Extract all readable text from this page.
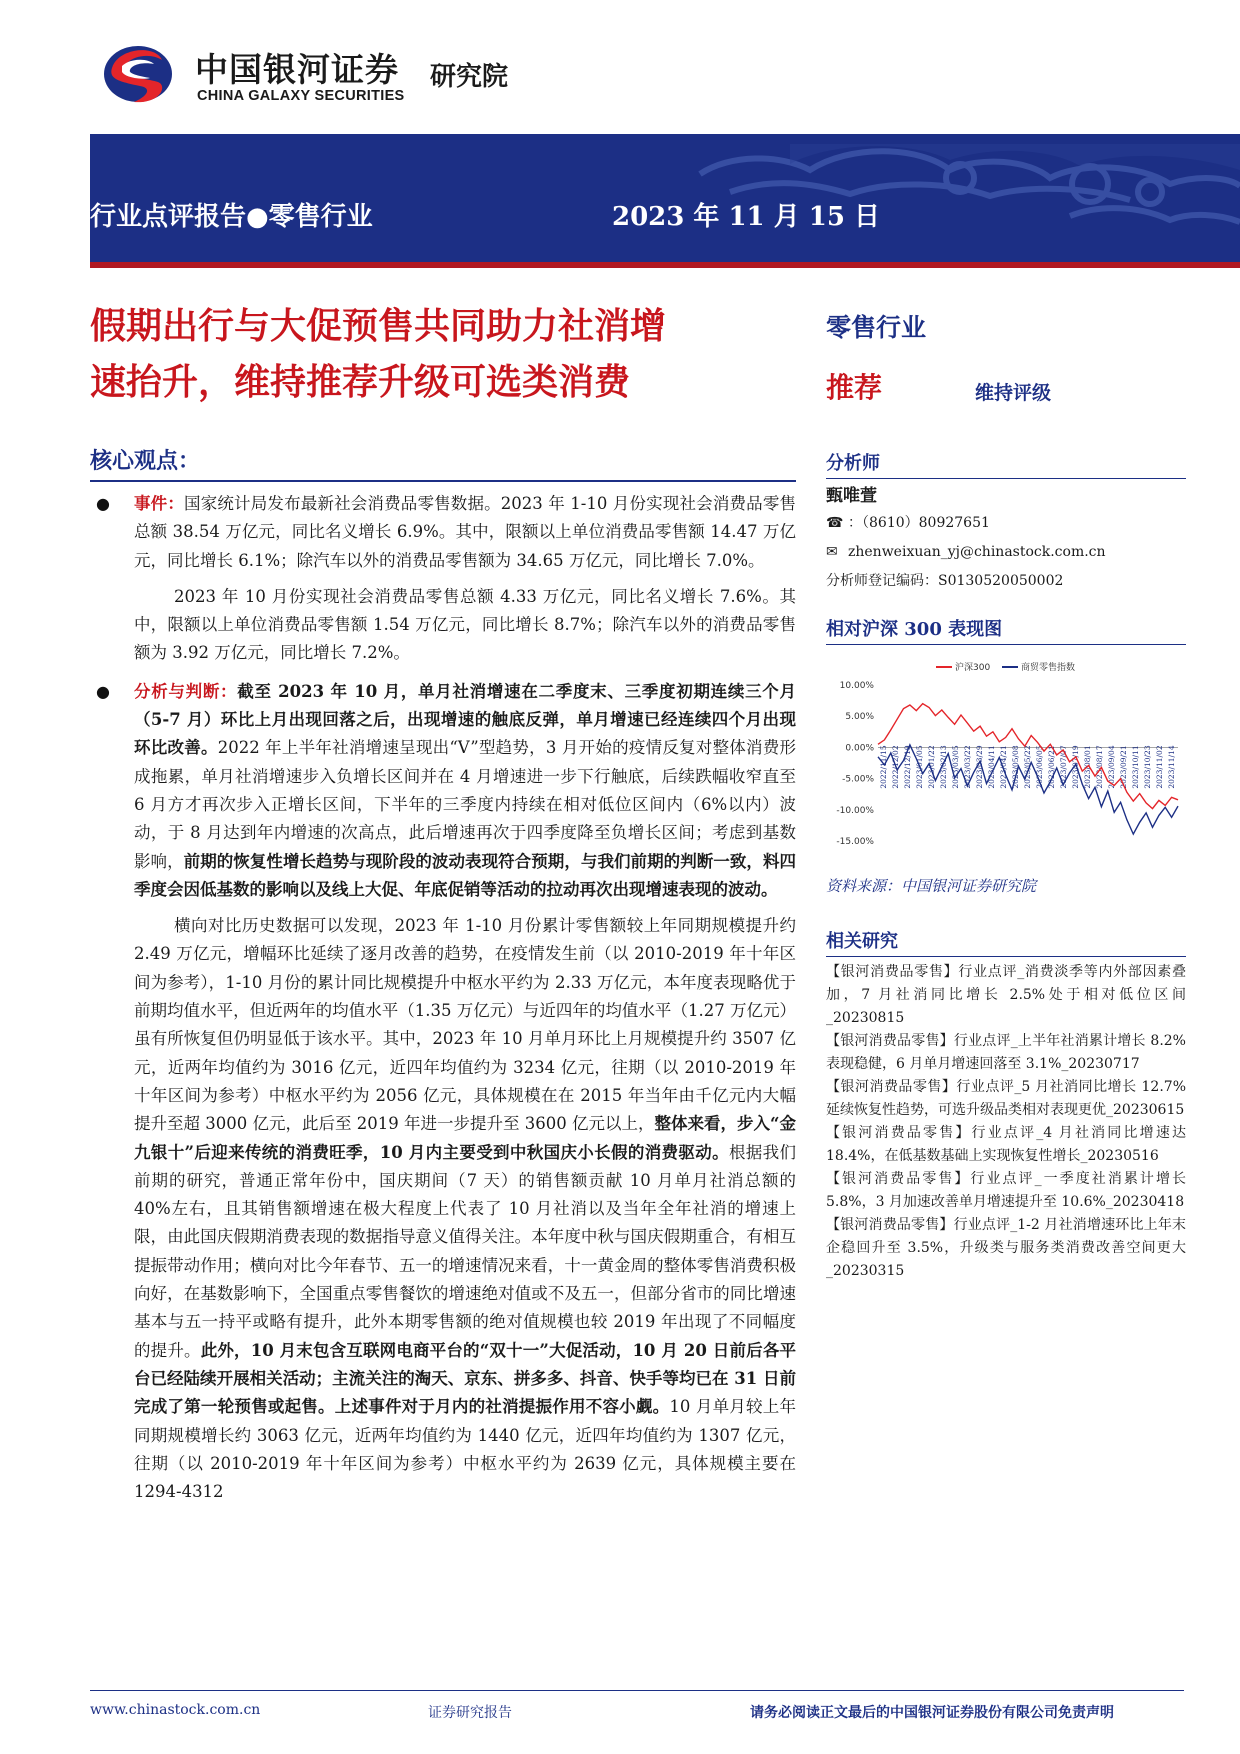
中国银河证券
CHINA GALAXY SECURITIES
研究院
行业点评报告●零售行业	2023 年 11 月 15 日
假期出行与大促预售共同助力社消增
速抬升，维持推荐升级可选类消费
零售行业
推荐	维持评级
核心观点：
● 事件：国家统计局发布最新社会消费品零售数据。2023 年 1-10 月份实现社会消费品零售总额 38.54 万亿元，同比名义增长 6.9%。其中，限额以上单位消费品零售额 14.47 万亿元，同比增长 6.1%；除汽车以外的消费品零售额为 34.65 万亿元，同比增长 7.0%。
2023 年 10 月份实现社会消费品零售总额 4.33 万亿元，同比名义增长 7.6%。其中，限额以上单位消费品零售额 1.54 万亿元，同比增长 8.7%；除汽车以外的消费品零售额为 3.92 万亿元，同比增长 7.2%。
● 分析与判断：截至 2023 年 10 月，单月社消增速在二季度末、三季度初期连续三个月（5-7 月）环比上月出现回落之后，出现增速的触底反弹，单月增速已经连续四个月出现环比改善。2022 年上半年社消增速呈现出“V”型趋势，3 月开始的疫情反复对整体消费形成拖累，单月社消增速步入负增长区间并在 4 月增速进一步下行触底，后续跌幅收窄直至 6 月方才再次步入正增长区间，下半年的三季度内持续在相对低位区间内（6%以内）波动，于 8 月达到年内增速的次高点，此后增速再次于四季度降至负增长区间；考虑到基数影响，前期的恢复性增长趋势与现阶段的波动表现符合预期，与我们前期的判断一致，料四季度会因低基数的影响以及线上大促、年底促销等活动的拉动再次出现增速表现的波动。
横向对比历史数据可以发现，2023 年 1-10 月份累计零售额较上年同期规模提升约 2.49 万亿元，增幅环比延续了逐月改善的趋势，在疫情发生前（以 2010-2019 年十年区间为参考），1-10 月份的累计同比规模提升中枢水平约为 2.33 万亿元，本年度表现略优于前期均值水平，但近两年的均值水平（1.35 万亿元）与近四年的均值水平（1.27 万亿元）虽有所恢复但仍明显低于该水平。其中，2023 年 10 月单月环比上月规模提升约 3507 亿元，近两年均值约为 3016 亿元，近四年均值约为 3234 亿元，往期（以 2010-2019 年十年区间为参考）中枢水平约为 2056 亿元，具体规模在在 2015 年当年由千亿元内大幅提升至超 3000 亿元，此后至 2019 年进一步提升至 3600 亿元以上，整体来看，步入“金九银十”后迎来传统的消费旺季，10 月内主要受到中秋国庆小长假的消费驱动。根据我们前期的研究，普通正常年份中，国庆期间（7 天）的销售额贡献 10 月单月社消总额的 40%左右，且其销售额增速在极大程度上代表了 10 月社消以及当年全年社消的增速上限，由此国庆假期消费表现的数据指导意义值得关注。本年度中秋与国庆假期重合，有相互提振带动作用；横向对比今年春节、五一的增速情况来看，十一黄金周的整体零售消费积极向好，在基数影响下，全国重点零售餐饮的增速绝对值或不及五一，但部分省市的同比增速基本与五一持平或略有提升，此外本期零售额的绝对值规模也较 2019 年出现了不同幅度的提升。此外，10 月末包含互联网电商平台的“双十一”大促活动，10 月 20 日前后各平台已经陆续开展相关活动；主流关注的淘天、京东、拼多多、抖音、快手等均已在 31 日前完成了第一轮预售或起售。上述事件对于月内的社消提振作用不容小觑。10 月单月较上年同期规模增长约 3063 亿元，近两年均值约为 1440 亿元，近四年均值约为 1307 亿元，往期（以 2010-2019 年十年区间为参考）中枢水平约为 2639 亿元，具体规模主要在 1294-4312
分析师
甄唯萱
☎ ：（8610）80927651
✉ zhenweixuan_yj@chinastock.com.cn
分析师登记编码：S0130520050002
相对沪深 300 表现图
沪深300	商贸零售指数
10.00%
5.00%
0.00%
-5.00%
-10.00%
-15.00%
2022/11/15 2022/12/02 2022/12/19 2023/01/05 2023/01/22 2023/02/13 2023/03/05 2023/03/22 2023/03/29 2023/04/11 2023/04/21 2023/05/08 2023/05/22 2023/06/05 2023/06/21 2023/07/07 2023/07/19 2023/08/01 2023/08/17 2023/09/04 2023/09/21 2023/10/11 2023/10/23 2023/11/02 2023/11/14
资料来源：中国银河证券研究院
相关研究
【银河消费品零售】行业点评_消费淡季等内外部因素叠加，7 月社消同比增长 2.5%处于相对低位区间_20230815
【银河消费品零售】行业点评_上半年社消累计增长 8.2%表现稳健，6 月单月增速回落至 3.1%_20230717
【银河消费品零售】行业点评_5 月社消同比增长 12.7%延续恢复性趋势，可选升级品类相对表现更优_20230615
【银河消费品零售】行业点评_4 月社消同比增速达 18.4%，在低基数基础上实现恢复性增长_20230516
【银河消费品零售】行业点评_一季度社消累计增长 5.8%，3 月加速改善单月增速提升至 10.6%_20230418
【银河消费品零售】行业点评_1-2 月社消增速环比上年末企稳回升至 3.5%，升级类与服务类消费改善空间更大_20230315
www.chinastock.com.cn	证券研究报告	请务必阅读正文最后的中国银河证券股份有限公司免责声明
